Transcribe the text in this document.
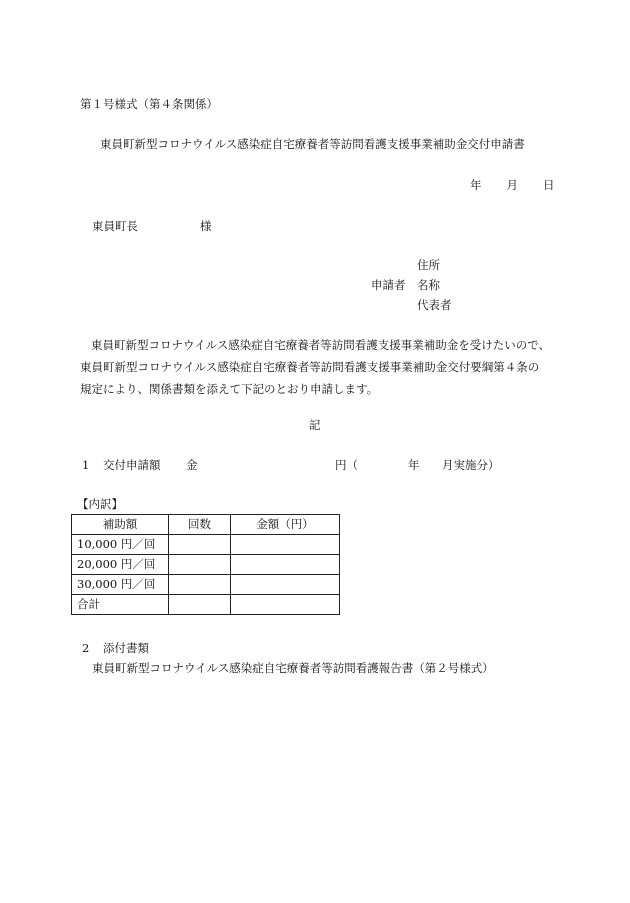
第１号様式（第４条関係）
東員町新型コロナウイルス感染症自宅療養者等訪問看護支援事業補助金交付申請書
年 月 日
東員町長	様
住所
申請者 名称
代表者

東員町新型コロナウイルス感染症自宅療養者等訪問看護支援事業補助金を受けたいので、

東員町新型コロナウイルス感染症自宅療養者等訪問看護支援事業補助金交付要綱第４条の

規定により、関係書類を添えて下記のとおり申請します。

記
1 交付申請額 金	円（	年 月実施分）
【内訳】
補助額	回数	金額（円）
10,000 円／回		
20,000 円／回		
30,000 円／回		
合計		
2 添付書類
東員町新型コロナウイルス感染症自宅療養者等訪問看護報告書（第２号様式）
